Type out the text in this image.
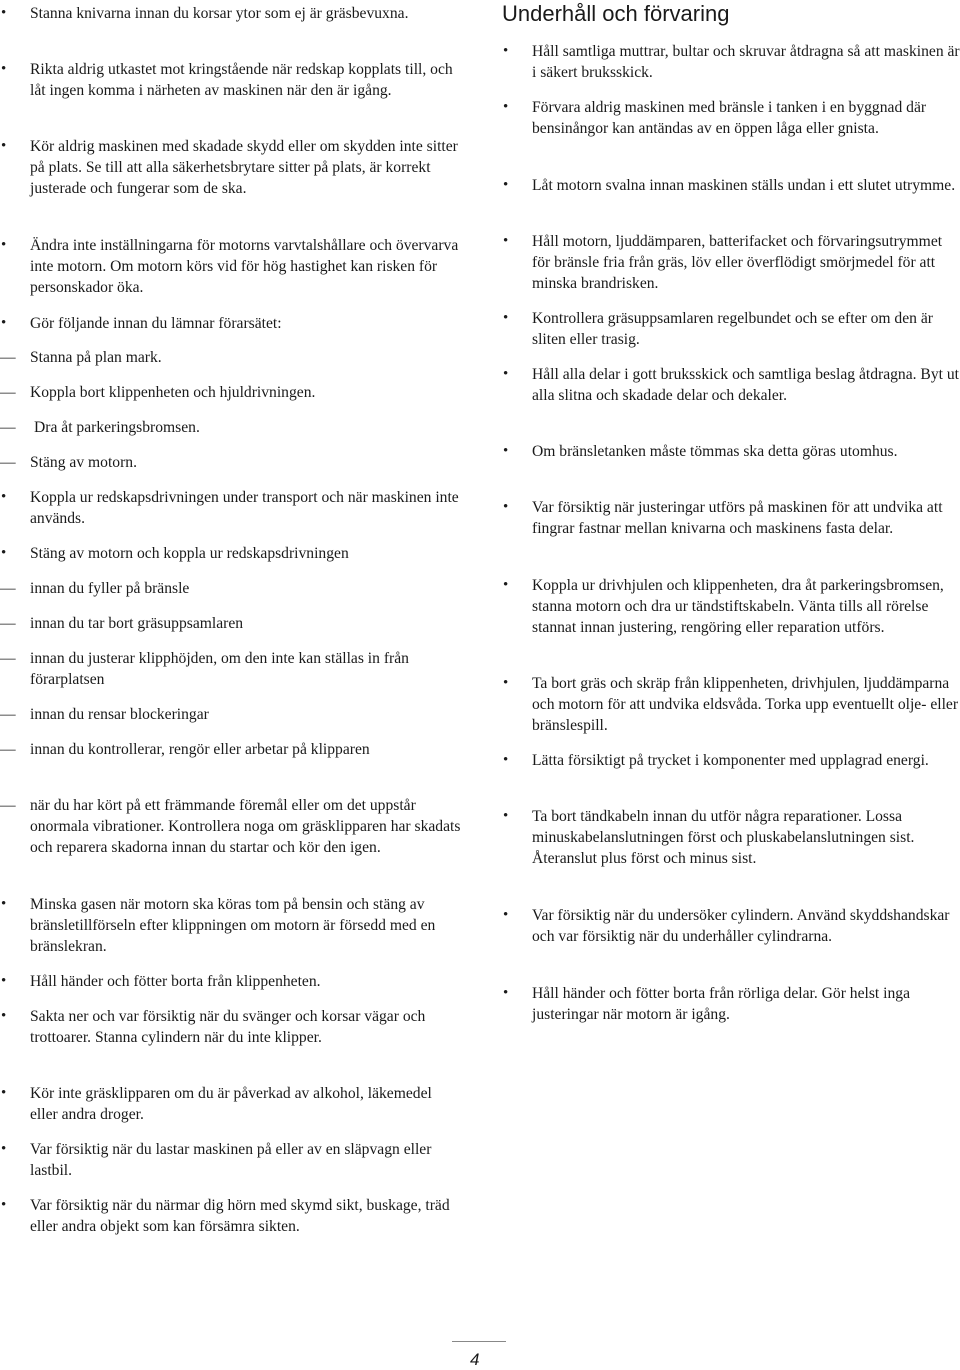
• Stanna knivarna innan du korsar ytor som ej är gräsbevuxna.
• Rikta aldrig utkastet mot kringstående när redskap kopplats till, och låt ingen komma i närheten av maskinen när den är igång.
• Kör aldrig maskinen med skadade skydd eller om skydden inte sitter på plats. Se till att alla säkerhetsbrytare sitter på plats, är korrekt justerade och fungerar som de ska.
• Ändra inte inställningarna för motorns varvtalshållare och övervarva inte motorn. Om motorn körs vid för hög hastighet kan risken för personskador öka.
• Gör följande innan du lämnar förarsätet:
— Stanna på plan mark.
— Koppla bort klippenheten och hjuldrivningen.
— Dra åt parkeringsbromsen.
— Stäng av motorn.
• Koppla ur redskapsdrivningen under transport och när maskinen inte används.
• Stäng av motorn och koppla ur redskapsdrivningen
— innan du fyller på bränsle
— innan du tar bort gräsuppsamlaren
— innan du justerar klipphöjden, om den inte kan ställas in från förarplatsen
— innan du rensar blockeringar
— innan du kontrollerar, rengör eller arbetar på klipparen
— när du har kört på ett främmande föremål eller om det uppstår onormala vibrationer. Kontrollera noga om gräsklipparen har skadats och reparera skadorna innan du startar och kör den igen.
• Minska gasen när motorn ska köras tom på bensin och stäng av bränsletillförseln efter klippningen om motorn är försedd med en bränslekran.
• Håll händer och fötter borta från klippenheten.
• Sakta ner och var försiktig när du svänger och korsar vägar och trottoarer. Stanna cylindern när du inte klipper.
• Kör inte gräsklipparen om du är påverkad av alkohol, läkemedel eller andra droger.
• Var försiktig när du lastar maskinen på eller av en släpvagn eller lastbil.
• Var försiktig när du närmar dig hörn med skymd sikt, buskage, träd eller andra objekt som kan försämra sikten.
Underhåll och förvaring
• Håll samtliga muttrar, bultar och skruvar åtdragna så att maskinen är i säkert bruksskick.
• Förvara aldrig maskinen med bränsle i tanken i en byggnad där bensinångor kan antändas av en öppen låga eller gnista.
• Låt motorn svalna innan maskinen ställs undan i ett slutet utrymme.
• Håll motorn, ljuddämparen, batterifacket och förvaringsutrymmet för bränsle fria från gräs, löv eller överflödigt smörjmedel för att minska brandrisken.
• Kontrollera gräsuppsamlaren regelbundet och se efter om den är sliten eller trasig.
• Håll alla delar i gott bruksskick och samtliga beslag åtdragna. Byt ut alla slitna och skadade delar och dekaler.
• Om bränsletanken måste tömmas ska detta göras utomhus.
• Var försiktig när justeringar utförs på maskinen för att undvika att fingrar fastnar mellan knivarna och maskinens fasta delar.
• Koppla ur drivhjulen och klippenheten, dra åt parkeringsbromsen, stanna motorn och dra ur tändstiftskabeln. Vänta tills all rörelse stannat innan justering, rengöring eller reparation utförs.
• Ta bort gräs och skräp från klippenheten, drivhjulen, ljuddämparna och motorn för att undvika eldsvåda. Torka upp eventuellt olje- eller bränslespill.
• Lätta försiktigt på trycket i komponenter med upplagrad energi.
• Ta bort tändkabeln innan du utför några reparationer. Lossa minuskabelanslutningen först och pluskabelanslutningen sist. Återanslut plus först och minus sist.
• Var försiktig när du undersöker cylindern. Använd skyddshandskar och var försiktig när du underhåller cylindrarna.
• Håll händer och fötter borta från rörliga delar. Gör helst inga justeringar när motorn är igång.
4
